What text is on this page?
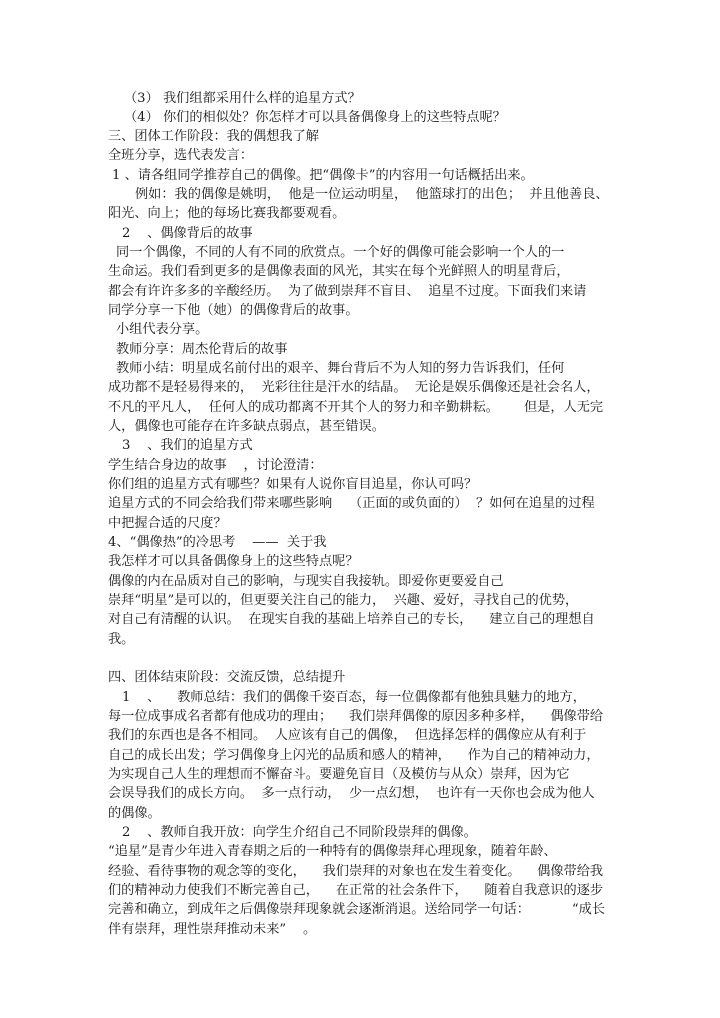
（3） 我们组都采用什么样的追星方式？
（4） 你们的相似处？你怎样才可以具备偶像身上的这些特点呢？
三、团体工作阶段：我的偶想我了解
全班分享，选代表发言：
1 、请各组同学推荐自己的偶像。把“偶像卡”的内容用一句话概括出来。
例如：我的偶像是姚明，  他是一位运动明星，  他篮球打的出色；  并且他善良、
阳光、向上；他的每场比赛我都要观看。
2    、偶像背后的故事
同一个偶像，不同的人有不同的欣赏点。一个好的偶像可能会影响一个人的一
生命运。我们看到更多的是偶像表面的风光，其实在每个光鲜照人的明星背后，
都会有许许多多的辛酸经历。  为了做到崇拜不盲目、  追星不过度。下面我们来请
同学分享一下他（她）的偶像背后的故事。
小组代表分享。
教师分享：周杰伦背后的故事
教师小结：明星成名前付出的艰辛、舞台背后不为人知的努力告诉我们，任何
成功都不是轻易得来的，  光彩往往是汗水的结晶。  无论是娱乐偶像还是社会名人，
不凡的平凡人，  任何人的成功都离不开其个人的努力和辛勤耕耘。      但是，人无完
人，偶像也可能存在许多缺点弱点，甚至错误。
3    、我们的追星方式
学生结合身边的故事    ，讨论澄清：
你们组的追星方式有哪些？如果有人说你盲目追星，你认可吗？
追星方式的不同会给我们带来哪些影响    （正面的或负面的）  ？如何在追星的过程
中把握合适的尺度？
4、“偶像热”的冷思考    ——  关于我
我怎样才可以具备偶像身上的这些特点呢？
偶像的内在品质对自己的影响，与现实自我接轨。即爱你更要爱自己
崇拜“明星”是可以的，但更要关注自己的能力，  兴趣、爱好，寻找自己的优势，
对自己有清醒的认识。  在现实自我的基础上培养自己的专长，    建立自己的理想自
我。
四、团体结束阶段：交流反馈，总结提升
1    、    教师总结：我们的偶像千姿百态，每一位偶像都有他独具魅力的地方，
每一位成事成名者都有他成功的理由；    我们崇拜偶像的原因多种多样，    偶像带给
我们的东西也是各不相同。  人应该有自己的偶像，  但选择怎样的偶像应从有利于
自己的成长出发；学习偶像身上闪光的品质和感人的精神，    作为自己的精神动力，
为实现自己人生的理想而不懈奋斗。要避免盲目（及模仿与从众）崇拜，因为它
会误导我们的成长方向。  多一点行动，  少一点幻想，  也许有一天你也会成为他人
的偶像。
2    、教师自我开放：向学生介绍自己不同阶段崇拜的偶像。
“追星”是青少年进入青春期之后的一种特有的偶像崇拜心理现象，随着年龄、
经验、看待事物的观念等的变化，    我们崇拜的对象也在发生着变化。    偶像带给我
们的精神动力使我们不断完善自己，    在正常的社会条件下，    随着自我意识的逐步
完善和确立，到成年之后偶像崇拜现象就会逐渐消退。送给同学一句话：          “成长
伴有崇拜，理性崇拜推动未来”    。
